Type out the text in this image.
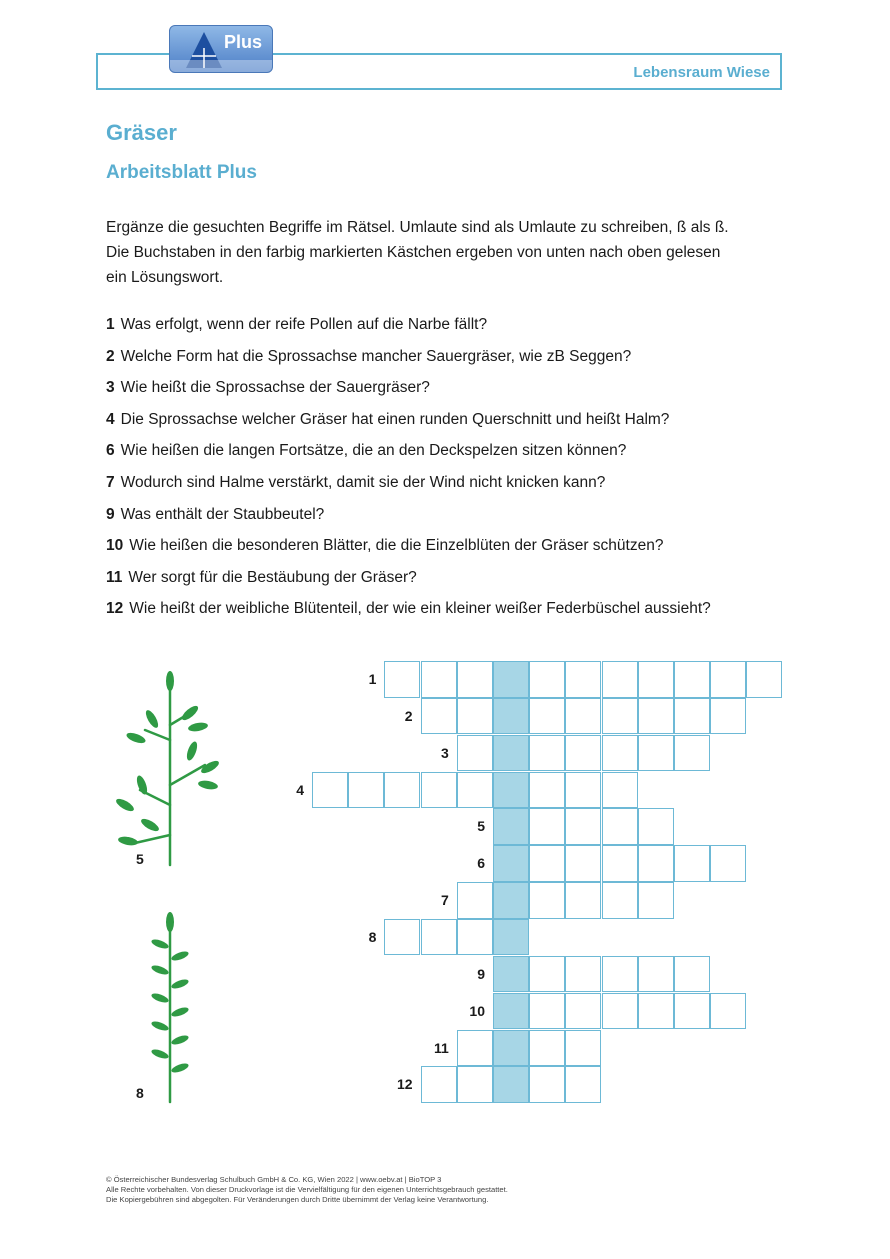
Lebensraum Wiese
Plus
Gräser
Arbeitsblatt Plus

Ergänze die gesuchten Begriffe im Rätsel. Umlaute sind als Umlaute zu schreiben, ß als ß.
Die Buchstaben in den farbig markierten Kästchen ergeben von unten nach oben gelesen
ein Lösungswort.

1 Was erfolgt, wenn der reife Pollen auf die Narbe fällt?
2 Welche Form hat die Sprossachse mancher Sauergräser, wie zB Seggen?
3 Wie heißt die Sprossachse der Sauergräser?
4 Die Sprossachse welcher Gräser hat einen runden Querschnitt und heißt Halm?
6 Wie heißen die langen Fortsätze, die an den Deckspelzen sitzen können?
7 Wodurch sind Halme verstärkt, damit sie der Wind nicht knicken kann?
9 Was enthält der Staubbeutel?
10 Wie heißen die besonderen Blätter, die die Einzelblüten der Gräser schützen?
11 Wer sorgt für die Bestäubung der Gräser?
12 Wie heißt der weibliche Blütenteil, der wie ein kleiner weißer Federbüschel aussieht?
5
8
1
2
3
4
5
6
7
8
9
10
11
12

© Österreichischer Bundesverlag Schulbuch GmbH & Co. KG, Wien 2022 | www.oebv.at | BioTOP 3
Alle Rechte vorbehalten. Von dieser Druckvorlage ist die Vervielfältigung für den eigenen Unterrichtsgebrauch gestattet.
Die Kopiergebühren sind abgegolten. Für Veränderungen durch Dritte übernimmt der Verlag keine Verantwortung.
